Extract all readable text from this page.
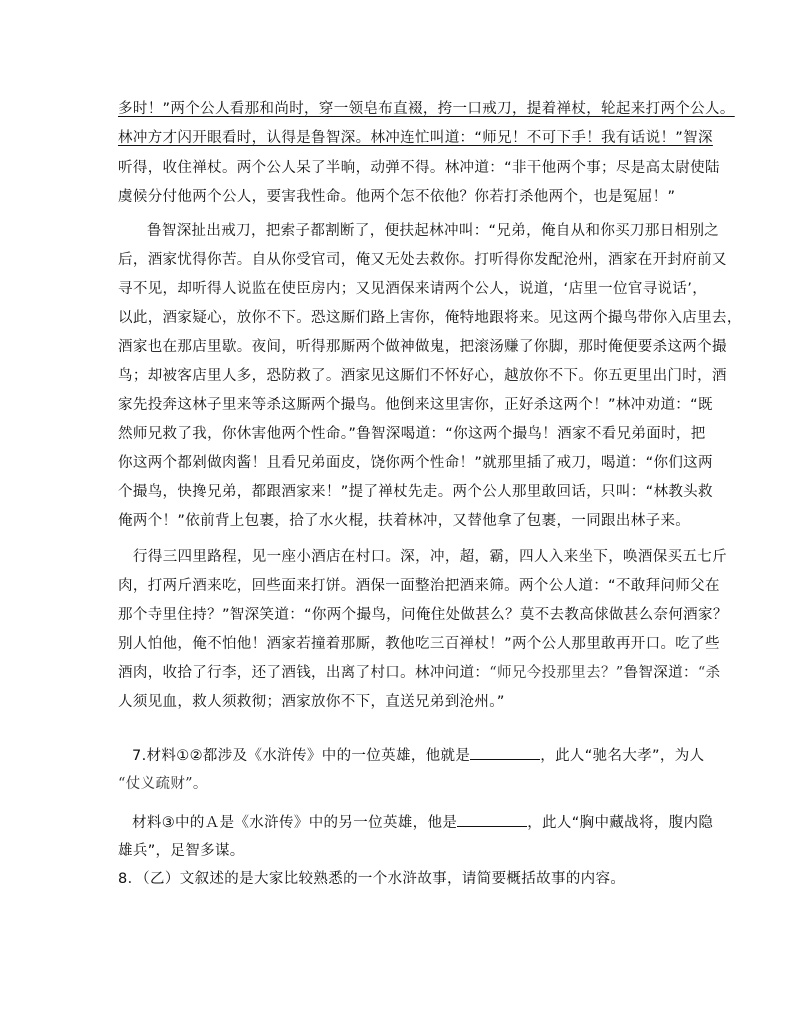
多时！”两个公人看那和尚时，穿一领皂布直裰，挎一口戒刀，提着禅杖，轮起来打两个公人。
林冲方才闪开眼看时，认得是鲁智深。林冲连忙叫道：“师兄！不可下手！我有话说！”智深
听得，收住禅杖。两个公人呆了半晌，动弹不得。林冲道：“非干他两个事；尽是高太尉使陆
虞候分付他两个公人，要害我性命。他两个怎不依他？你若打杀他两个，也是冤屈！”
鲁智深扯出戒刀，把索子都割断了，便扶起林冲叫：“兄弟，俺自从和你买刀那日相别之
后，酒家忧得你苦。自从你受官司，俺又无处去救你。打听得你发配沧州，酒家在开封府前又
寻不见，却听得人说监在使臣房内；又见酒保来请两个公人，说道，‘店里一位官寻说话’，
以此，酒家疑心，放你不下。恐这厮们路上害你，俺特地跟将来。见这两个撮鸟带你入店里去，
酒家也在那店里歇。夜间，听得那厮两个做神做鬼，把滚汤赚了你脚，那时俺便要杀这两个撮
鸟；却被客店里人多，恐防救了。酒家见这厮们不怀好心，越放你不下。你五更里出门时，酒
家先投奔这林子里来等杀这厮两个撮鸟。他倒来这里害你，正好杀这两个！”林冲劝道：“既
然师兄救了我，你休害他两个性命。”鲁智深喝道：“你这两个撮鸟！酒家不看兄弟面时，把
你这两个都剁做肉酱！且看兄弟面皮，饶你两个性命！”就那里插了戒刀，喝道：“你们这两
个撮鸟，快搀兄弟，都跟酒家来！”提了禅杖先走。两个公人那里敢回话，只叫：“林教头救
俺两个！”依前背上包裹，拾了水火棍，扶着林冲，又替他拿了包裹，一同跟出林子来。
行得三四里路程，见一座小酒店在村口。深，冲，超，霸，四人入来坐下，唤酒保买五七斤
肉，打两斤酒来吃，回些面来打饼。酒保一面整治把酒来筛。两个公人道：“不敢拜问师父在
那个寺里住持？”智深笑道：“你两个撮鸟，问俺住处做甚么？莫不去教高俅做甚么奈何酒家？
别人怕他，俺不怕他！酒家若撞着那厮，教他吃三百禅杖！”两个公人那里敢再开口。吃了些
酒肉，收拾了行李，还了酒钱，出离了村口。林冲问道：“师兄今投那里去？”鲁智深道：“杀
人须见血，救人须救彻；酒家放你不下，直送兄弟到沧州。”
7.材料①②都涉及《水浒传》中的一位英雄，他就是	，此人“驰名大孝”，为人
“仗义疏财”。
材料③中的Ａ是《水浒传》中的另一位英雄，他是	，此人“胸中藏战将，腹内隐
雄兵”，足智多谋。
8．（乙）文叙述的是大家比较熟悉的一个水浒故事，请简要概括故事的内容。
